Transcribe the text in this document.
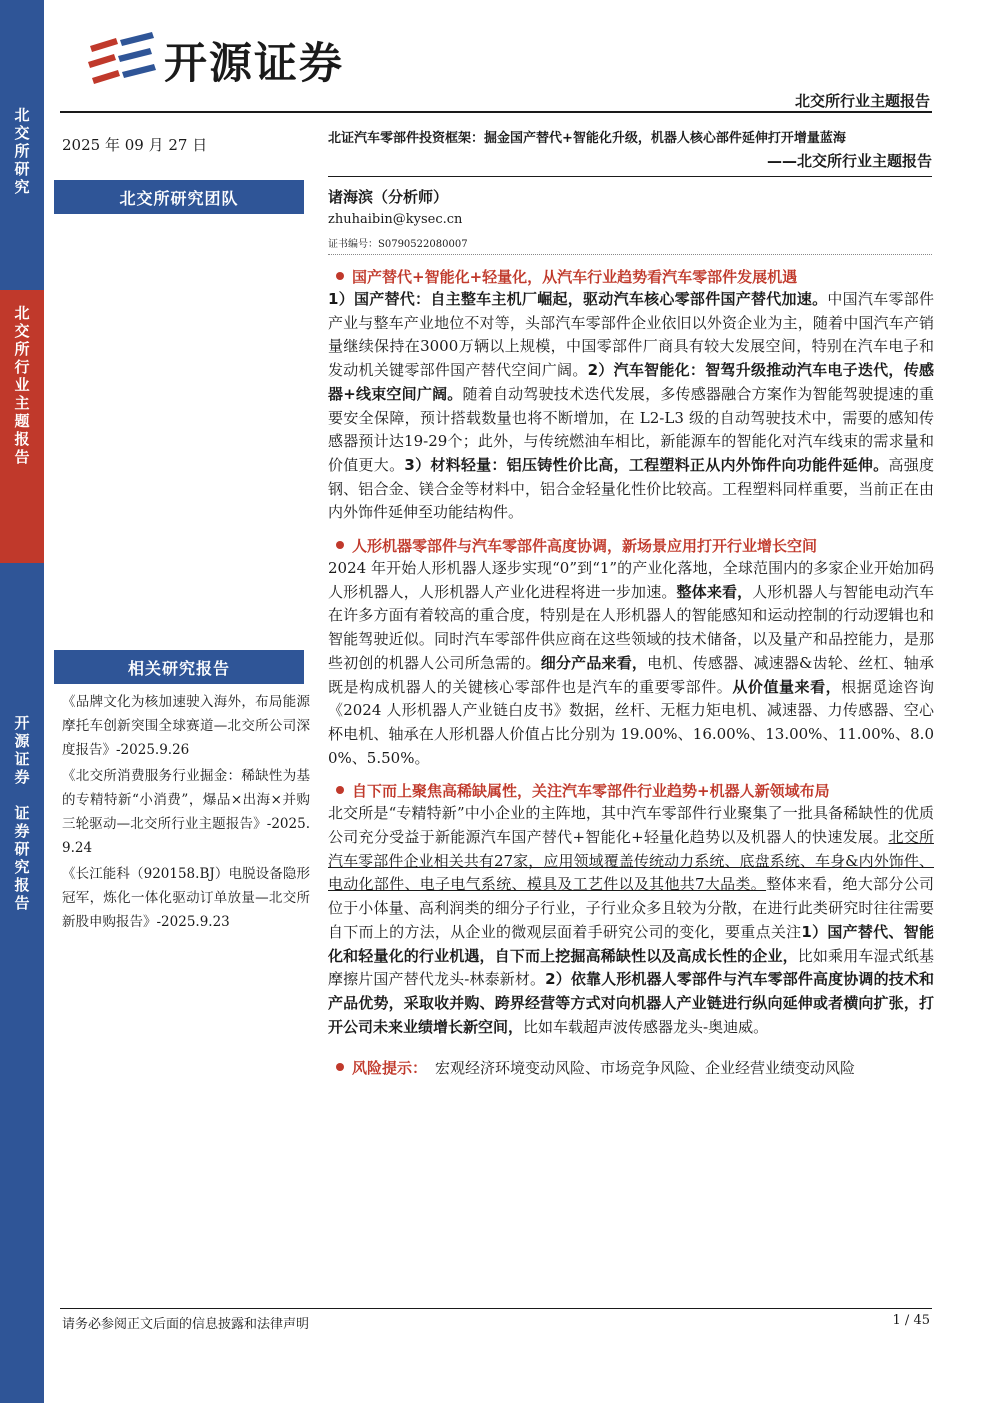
北
交
所
研
究
北
交
所
行
业
主
题
报
告
开
源
证
券

证
券
研
究
报
告
开源证券
北交所行业主题报告
2025 年 09 月 27 日	北证汽车零部件投资框架：掘金国产替代+智能化升级，机器人核心部件延伸打开增量蓝海
——北交所行业主题报告
北交所研究团队	诸海滨（分析师）
zhuhaibin@kysec.cn
证书编号：S0790522080007
国产替代+智能化+轻量化，从汽车行业趋势看汽车零部件发展机遇
1）国产替代：自主整车主机厂崛起，驱动汽车核心零部件国产替代加速。中国汽车零部件产业与整车产业地位不对等，头部汽车零部件企业依旧以外资企业为主，随着中国汽车产销量继续保持在3000万辆以上规模，中国零部件厂商具有较大发展空间，特别在汽车电子和发动机关键零部件国产替代空间广阔。2）汽车智能化：智驾升级推动汽车电子迭代，传感器+线束空间广阔。随着自动驾驶技术迭代发展，多传感器融合方案作为智能驾驶提速的重要安全保障，预计搭载数量也将不断增加，在 L2-L3 级的自动驾驶技术中，需要的感知传感器预计达19-29个；此外，与传统燃油车相比，新能源车的智能化对汽车线束的需求量和价值更大。3）材料轻量：铝压铸性价比高，工程塑料正从内外饰件向功能件延伸。高强度钢、铝合金、镁合金等材料中，铝合金轻量化性价比较高。工程塑料同样重要，当前正在由内外饰件延伸至功能结构件。
人形机器零部件与汽车零部件高度协调，新场景应用打开行业增长空间
2024 年开始人形机器人逐步实现“0”到“1”的产业化落地，全球范围内的多家企业开始加码人形机器人，人形机器人产业化进程将进一步加速。整体来看，人形机器人与智能电动汽车在许多方面有着较高的重合度，特别是在人形机器人的智能感知和运动控制的行动逻辑也和智能驾驶近似。同时汽车零部件供应商在这些领域的技术储备，以及量产和品控能力，是那些初创的机器人公司所急需的。细分产品来看，电机、传感器、减速器&齿轮、丝杠、轴承既是构成机器人的关键核心零部件也是汽车的重要零部件。从价值量来看，根据觅途咨询《2024 人形机器人产业链白皮书》数据，丝杆、无框力矩电机、减速器、力传感器、空心杯电机、轴承在人形机器人价值占比分别为 19.00%、16.00%、13.00%、11.00%、8.00%、5.50%。
自下而上聚焦高稀缺属性，关注汽车零部件行业趋势+机器人新领域布局
北交所是“专精特新”中小企业的主阵地，其中汽车零部件行业聚集了一批具备稀缺性的优质公司充分受益于新能源汽车国产替代+智能化+轻量化趋势以及机器人的快速发展。北交所汽车零部件企业相关共有27家，应用领域覆盖传统动力系统、底盘系统、车身&内外饰件、电动化部件、电子电气系统、模具及工艺件以及其他共7大品类。整体来看，绝大部分公司位于小体量、高利润类的细分子行业，子行业众多且较为分散，在进行此类研究时往往需要自下而上的方法，从企业的微观层面着手研究公司的变化，要重点关注1）国产替代、智能化和轻量化的行业机遇，自下而上挖掘高稀缺性以及高成长性的企业，比如乘用车湿式纸基摩擦片国产替代龙头-林泰新材。2）依靠人形机器人零部件与汽车零部件高度协调的技术和产品优势，采取收并购、跨界经营等方式对向机器人产业链进行纵向延伸或者横向扩张，打开公司未来业绩增长新空间，比如车载超声波传感器龙头-奥迪威。
风险提示： 宏观经济环境变动风险、市场竞争风险、企业经营业绩变动风险
相关研究报告

《品牌文化为核加速驶入海外，布局能源摩托车创新突围全球赛道—北交所公司深度报告》-2025.9.26

《北交所消费服务行业掘金：稀缺性为基的专精特新“小消费”，爆品×出海×并购三轮驱动—北交所行业主题报告》-2025.9.24

《长江能科（920158.BJ）电脱设备隐形冠军，炼化一体化驱动订单放量—北交所新股申购报告》-2025.9.23

请务必参阅正文后面的信息披露和法律声明	1 / 45
